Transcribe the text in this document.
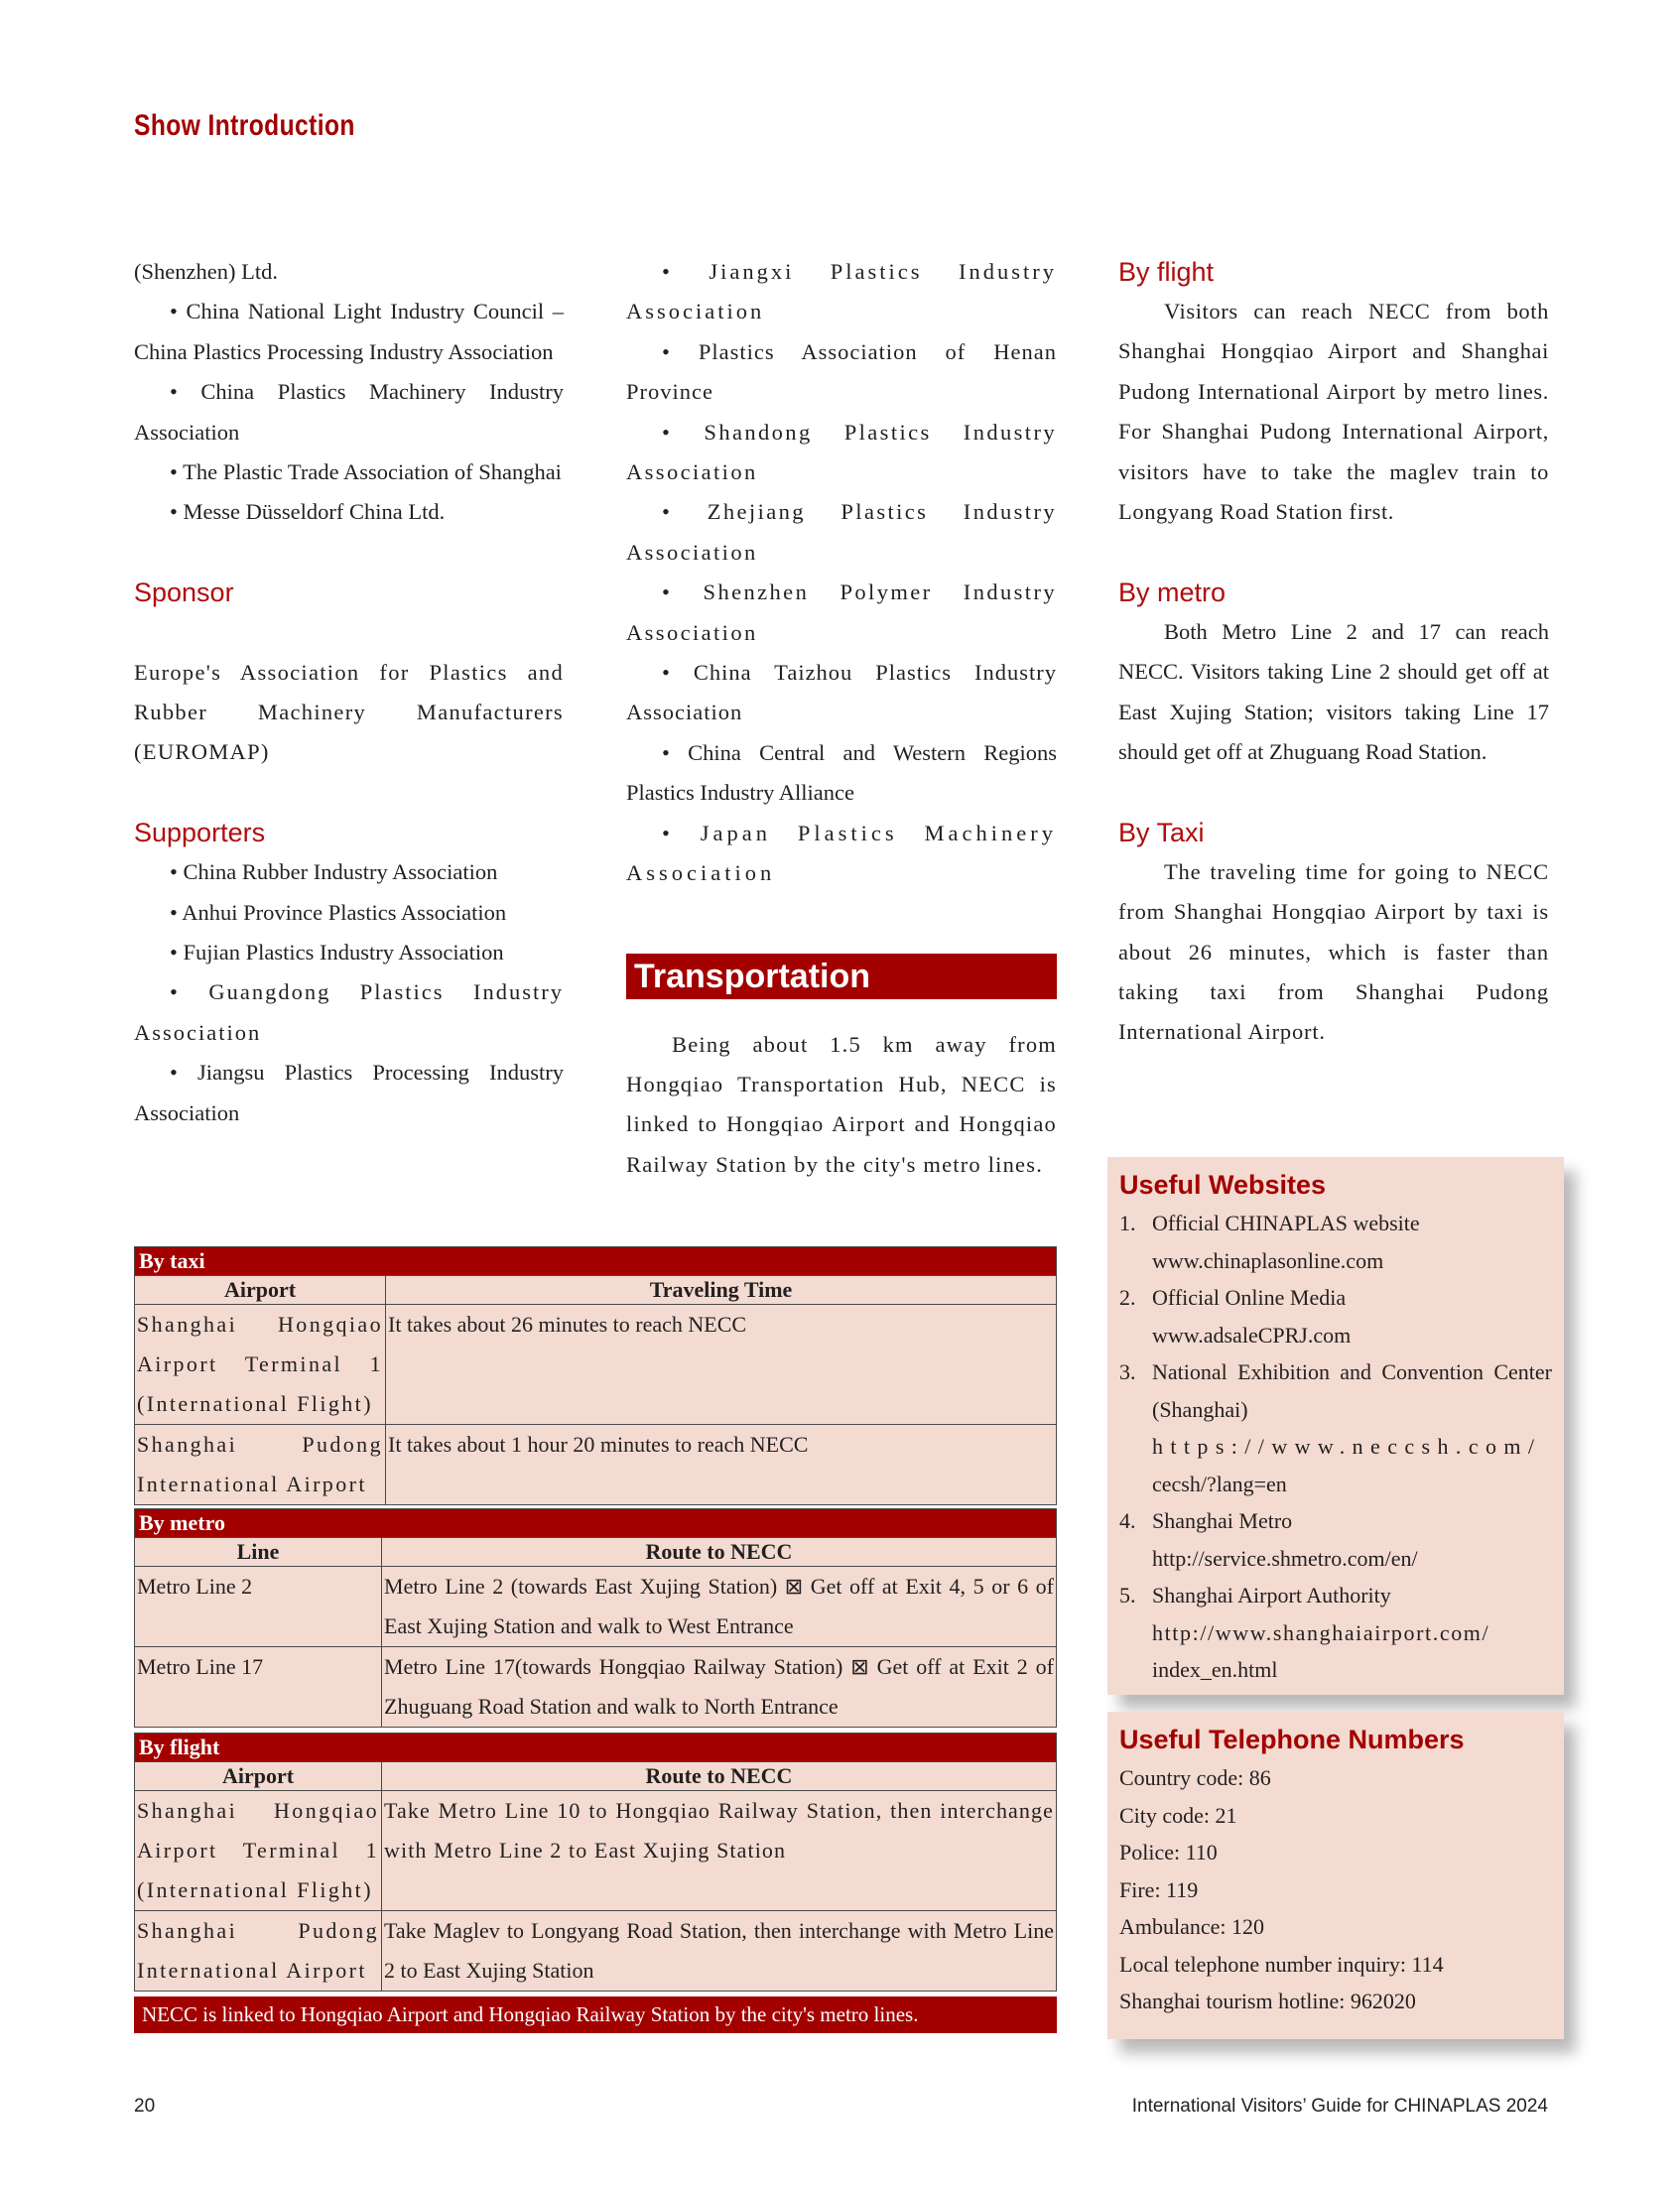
Show Introduction

(Shenzhen) Ltd.

• China National Light Industry Council – China Plastics Processing Industry Association

• China Plastics Machinery Industry Association

• The Plastic Trade Association of Shanghai

• Messe Düsseldorf China Ltd.

Sponsor

Europe's Association for Plastics and Rubber Machinery Manufacturers (EUROMAP)

Supporters

• China Rubber Industry Association

• Anhui Province Plastics Association

• Fujian Plastics Industry Association

• Guangdong Plastics Industry Association

• Jiangsu Plastics Processing Industry Association

• Jiangxi Plastics Industry Association

• Plastics Association of Henan Province

• Shandong Plastics Industry Association

• Zhejiang Plastics Industry Association

• Shenzhen Polymer Industry Association

• China Taizhou Plastics Industry Association

• China Central and Western Regions Plastics Industry Alliance

• Japan Plastics Machinery Association

Transportation

Being about 1.5 km away from Hongqiao Transportation Hub, NECC is linked to Hongqiao Airport and Hongqiao Railway Station by the city's metro lines.

By flight

Visitors can reach NECC from both Shanghai Hongqiao Airport and Shanghai Pudong International Airport by metro lines. For Shanghai Pudong International Airport, visitors have to take the maglev train to Longyang Road Station first.

By metro

Both Metro Line 2 and 17 can reach NECC. Visitors taking Line 2 should get off at East Xujing Station; visitors taking Line 17 should get off at Zhuguang Road Station.

By Taxi

The traveling time for going to NECC from Shanghai Hongqiao Airport by taxi is about 26 minutes, which is faster than taking taxi from Shanghai Pudong International Airport.

By taxi	
Airport	Traveling Time
Shanghai Hongqiao Airport Terminal 1 (International Flight)	It takes about 26 minutes to reach NECC
Shanghai Pudong International Airport	It takes about 1 hour 20 minutes to reach NECC
By metro	
Line	Route to NECC
Metro Line 2	Metro Line 2 (towards East Xujing Station) ⊠ Get off at Exit 4, 5 or 6 of East Xujing Station and walk to West Entrance
Metro Line 17	Metro Line 17(towards Hongqiao Railway Station) ⊠ Get off at Exit 2 of Zhuguang Road Station and walk to North Entrance
By flight	
Airport	Route to NECC
Shanghai Hongqiao Airport Terminal 1 (International Flight)	Take Metro Line 10 to Hongqiao Railway Station, then interchange with Metro Line 2 to East Xujing Station
Shanghai Pudong International Airport	Take Maglev to Longyang Road Station, then interchange with Metro Line 2 to East Xujing Station
NECC is linked to Hongqiao Airport and Hongqiao Railway Station by the city's metro lines.
Useful Websites
1. Official CHINAPLAS website
www.chinaplasonline.com
2. Official Online Media
www.adsaleCPRJ.com
3. National Exhibition and Convention Center (Shanghai)
https://www.neccsh.com/
cecsh/?lang=en
4. Shanghai Metro
http://service.shmetro.com/en/
5. Shanghai Airport Authority
http://www.shanghaiairport.com/
index_en.html
Useful Telephone Numbers

Country code: 86

City code: 21

Police: 110

Fire: 119

Ambulance: 120

Local telephone number inquiry: 114

Shanghai tourism hotline: 962020

20	International Visitors’ Guide for CHINAPLAS 2024
